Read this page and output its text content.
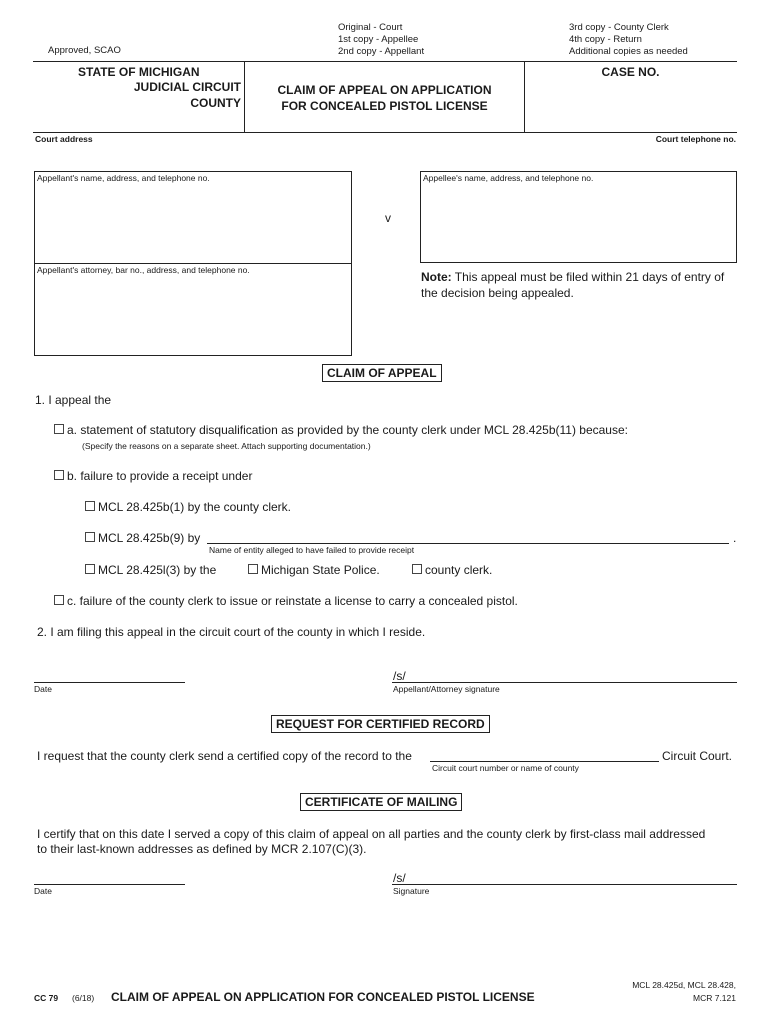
Approved, SCAO
Original - Court
1st copy - Appellee
2nd copy - Appellant
3rd copy - County Clerk
4th copy - Return
Additional copies as needed
STATE OF MICHIGAN
JUDICIAL CIRCUIT
COUNTY
CLAIM OF APPEAL ON APPLICATION
FOR CONCEALED PISTOL LICENSE
CASE NO.
Court address	Court telephone no.
Appellant's name, address, and telephone no.
Appellant's attorney, bar no., address, and telephone no.
v
Appellee's name, address, and telephone no.
Note: This appeal must be filed within 21 days of entry of
the decision being appealed.
CLAIM OF APPEAL
1. I appeal the
a. statement of statutory disqualification as provided by the county clerk under MCL 28.425b(11) because:
(Specify the reasons on a separate sheet. Attach supporting documentation.)
b. failure to provide a receipt under
MCL 28.425b(1) by the county clerk.
MCL 28.425b(9) by	.
Name of entity alleged to have failed to provide receipt
MCL 28.425l(3) by the	Michigan State Police.	county clerk.
c. failure of the county clerk to issue or reinstate a license to carry a concealed pistol.
2. I am filing this appeal in the circuit court of the county in which I reside.
Date
/s/
Appellant/Attorney signature
REQUEST FOR CERTIFIED RECORD
I request that the county clerk send a certified copy of the record to the	Circuit Court.
Circuit court number or name of county
CERTIFICATE OF MAILING
I certify that on this date I served a copy of this claim of appeal on all parties and the county clerk by first-class mail addressed
to their last-known addresses as defined by MCR 2.107(C)(3).
Date
/s/
Signature
CC 79 (6/18) CLAIM OF APPEAL ON APPLICATION FOR CONCEALED PISTOL LICENSE
MCL 28.425d, MCL 28.428,
MCR 7.121
